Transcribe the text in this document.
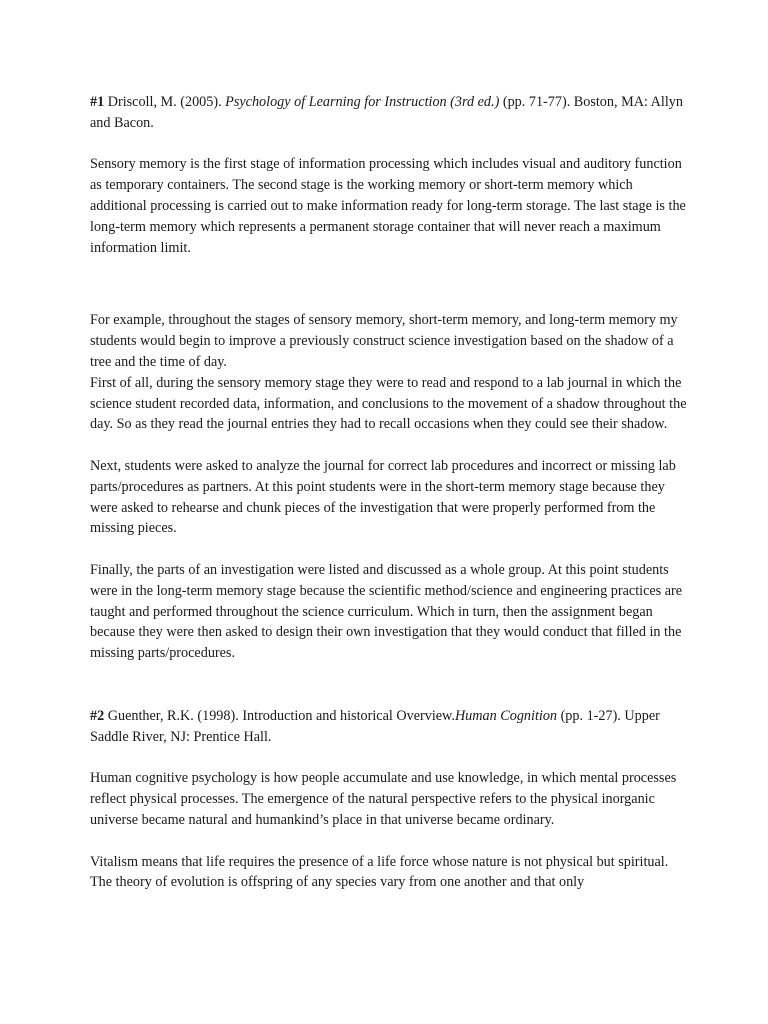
#1 Driscoll, M. (2005). Psychology of Learning for Instruction (3rd ed.) (pp. 71-77). Boston, MA: Allyn and Bacon.

Sensory memory is the first stage of information processing which includes visual and auditory function as temporary containers. The second stage is the working memory or short-term memory which additional processing is carried out to make information ready for long-term storage. The last stage is the long-term memory which represents a permanent storage container that will never reach a maximum information limit.

For example, throughout the stages of sensory memory, short-term memory, and long-term memory my students would begin to improve a previously construct science investigation based on the shadow of a tree and the time of day.

First of all, during the sensory memory stage they were to read and respond to a lab journal in which the science student recorded data, information, and conclusions to the movement of a shadow throughout the day. So as they read the journal entries they had to recall occasions when they could see their shadow.

Next, students were asked to analyze the journal for correct lab procedures and incorrect or missing lab parts/procedures as partners. At this point students were in the short-term memory stage because they were asked to rehearse and chunk pieces of the investigation that were properly performed from the missing pieces.

Finally, the parts of an investigation were listed and discussed as a whole group. At this point students were in the long-term memory stage because the scientific method/science and engineering practices are taught and performed throughout the science curriculum. Which in turn, then the assignment began because they were then asked to design their own investigation that they would conduct that filled in the missing parts/procedures.

#2 Guenther, R.K. (1998). Introduction and historical Overview.Human Cognition (pp. 1-27). Upper Saddle River, NJ: Prentice Hall.

Human cognitive psychology is how people accumulate and use knowledge, in which mental processes reflect physical processes. The emergence of the natural perspective refers to the physical inorganic universe became natural and humankind’s place in that universe became ordinary.

Vitalism means that life requires the presence of a life force whose nature is not physical but spiritual. The theory of evolution is offspring of any species vary from one another and that only
